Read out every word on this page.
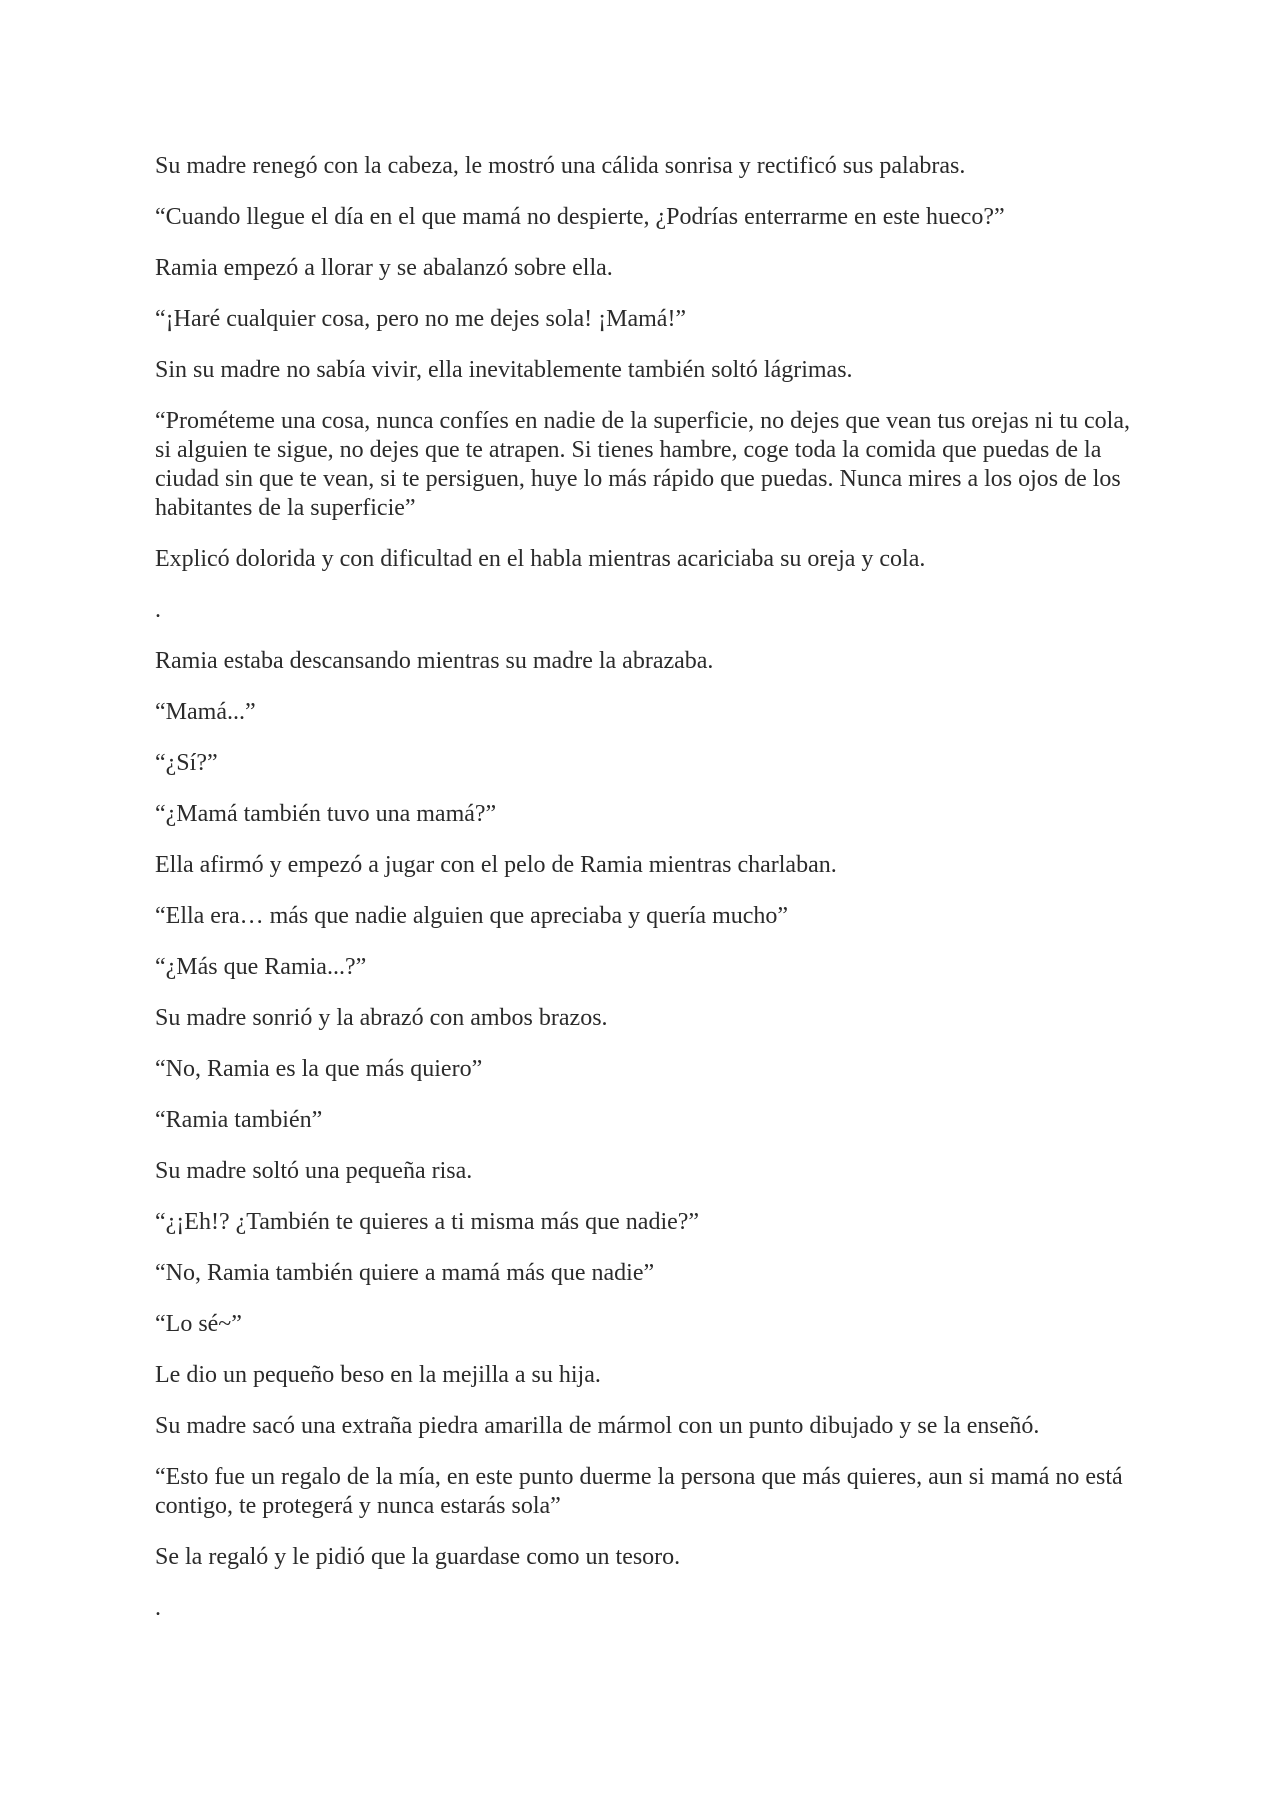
Su madre renegó con la cabeza, le mostró una cálida sonrisa y rectificó sus palabras.

“Cuando llegue el día en el que mamá no despierte, ¿Podrías enterrarme en este hueco?”

Ramia empezó a llorar y se abalanzó sobre ella.

“¡Haré cualquier cosa, pero no me dejes sola! ¡Mamá!”

Sin su madre no sabía vivir, ella inevitablemente también soltó lágrimas.

“Prométeme una cosa, nunca confíes en nadie de la superficie, no dejes que vean tus orejas ni tu cola, si alguien te sigue, no dejes que te atrapen. Si tienes hambre, coge toda la comida que puedas de la ciudad sin que te vean, si te persiguen, huye lo más rápido que puedas. Nunca mires a los ojos de los habitantes de la superficie”

Explicó dolorida y con dificultad en el habla mientras acariciaba su oreja y cola.

.

Ramia estaba descansando mientras su madre la abrazaba.

“Mamá...”

“¿Sí?”

“¿Mamá también tuvo una mamá?”

Ella afirmó y empezó a jugar con el pelo de Ramia mientras charlaban.

“Ella era… más que nadie alguien que apreciaba y quería mucho”

“¿Más que Ramia...?”

Su madre sonrió y la abrazó con ambos brazos.

“No, Ramia es la que más quiero”

“Ramia también”

Su madre soltó una pequeña risa.

“¿¡Eh!? ¿También te quieres a ti misma más que nadie?”

“No, Ramia también quiere a mamá más que nadie”

“Lo sé~”

Le dio un pequeño beso en la mejilla a su hija.

Su madre sacó una extraña piedra amarilla de mármol con un punto dibujado y se la enseñó.

“Esto fue un regalo de la mía, en este punto duerme la persona que más quieres, aun si mamá no está contigo, te protegerá y nunca estarás sola”

Se la regaló y le pidió que la guardase como un tesoro.

.
